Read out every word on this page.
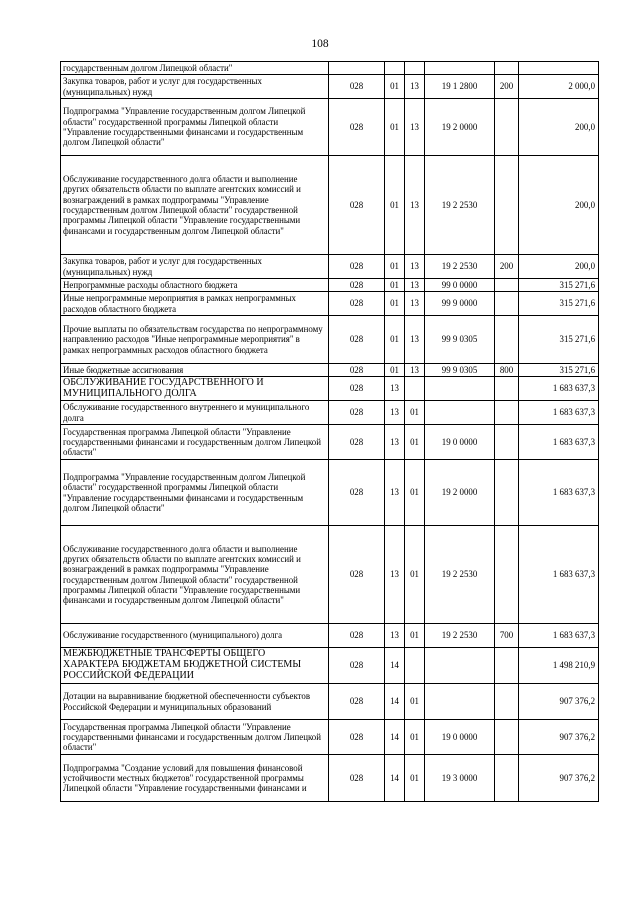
108
государственным долгом Липецкой области"						
Закупка товаров, работ и услуг для государственных (муниципальных) нужд	028	01	13	19 1 2800	200	2 000,0
Подпрограмма "Управление государственным долгом Липецкой области" государственной программы Липецкой области "Управление государственными финансами и государственным долгом Липецкой области"	028	01	13	19 2 0000		200,0
Обслуживание государственного долга области и выполнение других обязательств области по выплате агентских комиссий и вознаграждений в рамках подпрограммы "Управление государственным долгом Липецкой области" государственной программы Липецкой области "Управление государственными финансами и государственным долгом Липецкой области"	028	01	13	19 2 2530		200,0
Закупка товаров, работ и услуг для государственных (муниципальных) нужд	028	01	13	19 2 2530	200	200,0
Непрограммные расходы областного бюджета	028	01	13	99 0 0000		315 271,6
Иные непрограммные мероприятия в рамках непрограммных расходов областного бюджета	028	01	13	99 9 0000		315 271,6
Прочие выплаты по обязательствам государства по непрограммному направлению расходов "Иные непрограммные мероприятия" в рамках непрограммных расходов областного бюджета	028	01	13	99 9 0305		315 271,6
Иные бюджетные ассигнования	028	01	13	99 9 0305	800	315 271,6
ОБСЛУЖИВАНИЕ ГОСУДАРСТВЕННОГО И МУНИЦИПАЛЬНОГО ДОЛГА	028	13				1 683 637,3
Обслуживание государственного внутреннего и муниципального долга	028	13	01			1 683 637,3
Государственная программа Липецкой области "Управление государственными финансами и государственным долгом Липецкой области"	028	13	01	19 0 0000		1 683 637,3
Подпрограмма "Управление государственным долгом Липецкой области" государственной программы Липецкой области "Управление государственными финансами и государственным долгом Липецкой области"	028	13	01	19 2 0000		1 683 637,3
Обслуживание государственного долга области и выполнение других обязательств области по выплате агентских комиссий и вознаграждений в рамках подпрограммы "Управление государственным долгом Липецкой области" государственной программы Липецкой области "Управление государственными финансами и государственным долгом Липецкой области"	028	13	01	19 2 2530		1 683 637,3
Обслуживание государственного (муниципального) долга	028	13	01	19 2 2530	700	1 683 637,3
МЕЖБЮДЖЕТНЫЕ ТРАНСФЕРТЫ ОБЩЕГО ХАРАКТЕРА БЮДЖЕТАМ БЮДЖЕТНОЙ СИСТЕМЫ РОССИЙСКОЙ ФЕДЕРАЦИИ	028	14				1 498 210,9
Дотации на выравнивание бюджетной обеспеченности субъектов Российской Федерации и муниципальных образований	028	14	01			907 376,2
Государственная программа Липецкой области "Управление государственными финансами и государственным долгом Липецкой области"	028	14	01	19 0 0000		907 376,2
Подпрограмма "Создание условий для повышения финансовой устойчивости местных бюджетов" государственной программы Липецкой области "Управление государственными финансами и	028	14	01	19 3 0000		907 376,2
